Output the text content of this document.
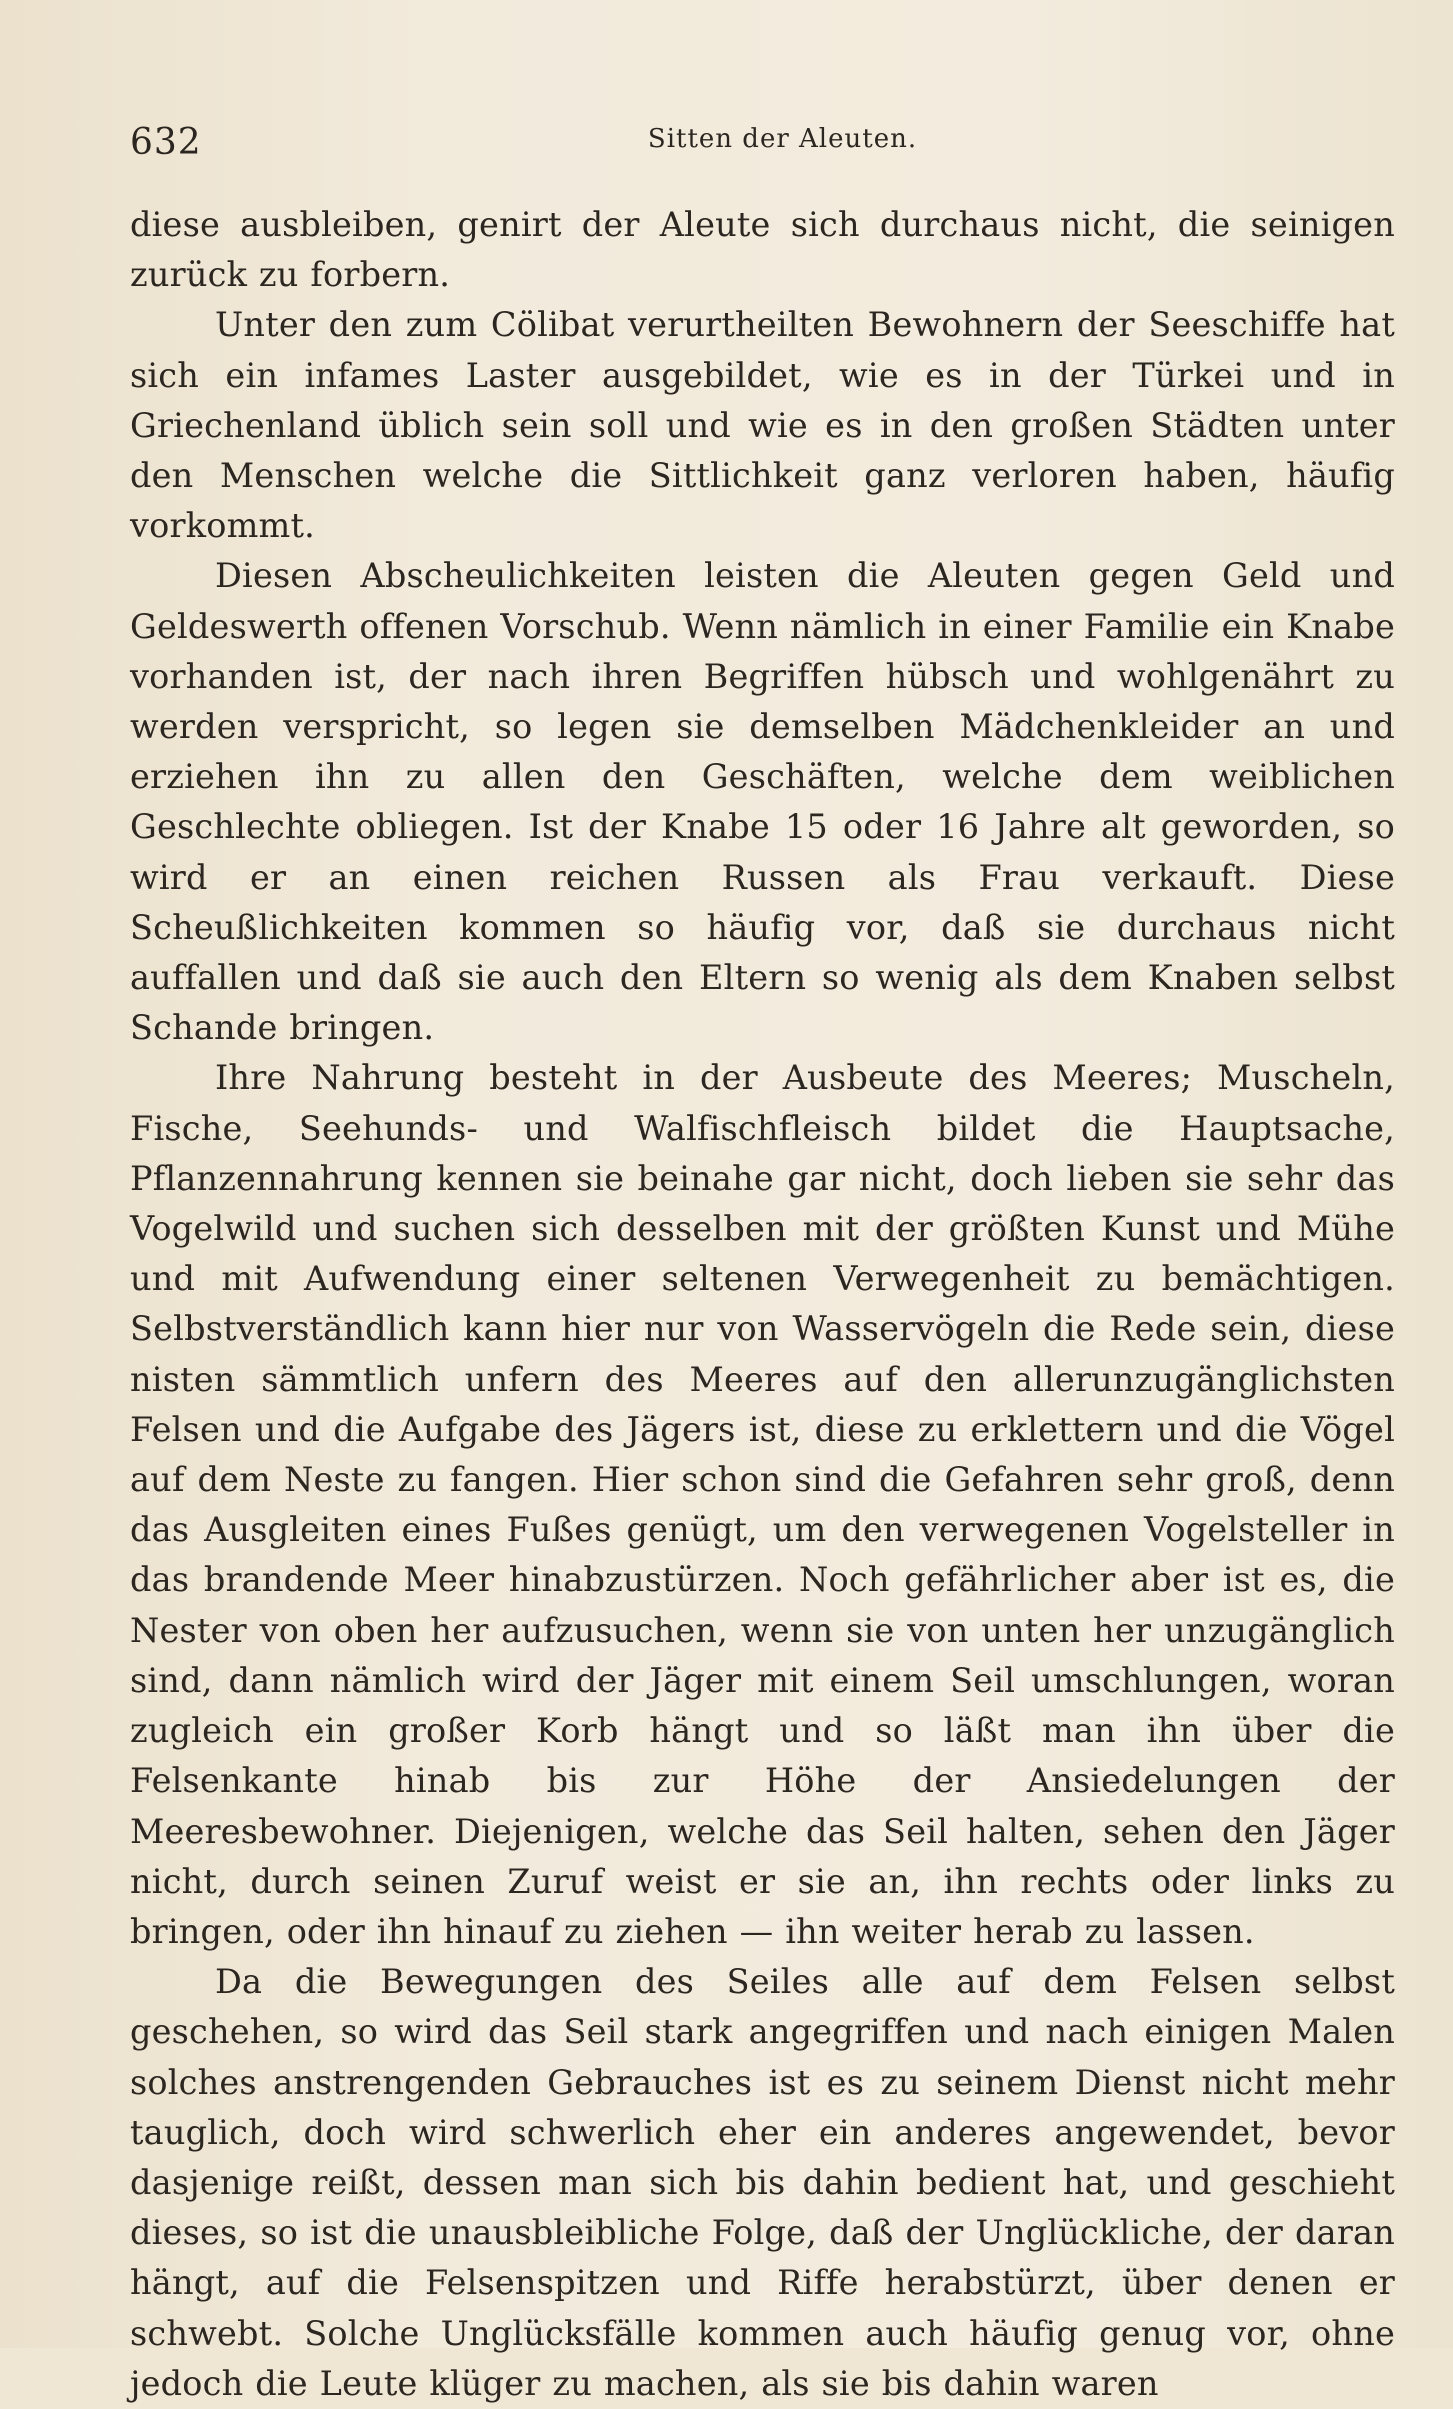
632	Sitten der Aleuten.

diese ausbleiben, genirt der Aleute sich durchaus nicht, die seinigen zurück zu forbern.

Unter den zum Cölibat verurtheilten Bewohnern der Seeschiffe hat sich ein infames Laster ausgebildet, wie es in der Türkei und in Griechenland üblich sein soll und wie es in den großen Städten unter den Menschen welche die Sittlichkeit ganz verloren haben, häufig vorkommt.

Diesen Abscheulichkeiten leisten die Aleuten gegen Geld und Geldeswerth offenen Vorschub. Wenn nämlich in einer Familie ein Knabe vorhanden ist, der nach ihren Begriffen hübsch und wohlgenährt zu werden verspricht, so legen sie demselben Mädchenkleider an und erziehen ihn zu allen den Geschäften, welche dem weiblichen Geschlechte obliegen. Ist der Knabe 15 oder 16 Jahre alt geworden, so wird er an einen reichen Russen als Frau verkauft. Diese Scheußlichkeiten kommen so häufig vor, daß sie durchaus nicht auffallen und daß sie auch den Eltern so wenig als dem Knaben selbst Schande bringen.

Ihre Nahrung besteht in der Ausbeute des Meeres; Muscheln, Fische, Seehunds- und Walfischfleisch bildet die Hauptsache, Pflanzennahrung kennen sie beinahe gar nicht, doch lieben sie sehr das Vogelwild und suchen sich desselben mit der größten Kunst und Mühe und mit Aufwendung einer seltenen Verwegenheit zu bemächtigen. Selbstverständlich kann hier nur von Wasservögeln die Rede sein, diese nisten sämmtlich unfern des Meeres auf den allerunzugänglichsten Felsen und die Aufgabe des Jägers ist, diese zu erklettern und die Vögel auf dem Neste zu fangen. Hier schon sind die Gefahren sehr groß, denn das Ausgleiten eines Fußes genügt, um den verwegenen Vogelsteller in das brandende Meer hinabzustürzen. Noch gefährlicher aber ist es, die Nester von oben her aufzusuchen, wenn sie von unten her unzugänglich sind, dann nämlich wird der Jäger mit einem Seil umschlungen, woran zugleich ein großer Korb hängt und so läßt man ihn über die Felsenkante hinab bis zur Höhe der Ansiedelungen der Meeresbewohner. Diejenigen, welche das Seil halten, sehen den Jäger nicht, durch seinen Zuruf weist er sie an, ihn rechts oder links zu bringen, oder ihn hinauf zu ziehen — ihn weiter herab zu lassen.

Da die Bewegungen des Seiles alle auf dem Felsen selbst geschehen, so wird das Seil stark angegriffen und nach einigen Malen solches anstrengenden Gebrauches ist es zu seinem Dienst nicht mehr tauglich, doch wird schwerlich eher ein anderes angewendet, bevor dasjenige reißt, dessen man sich bis dahin bedient hat, und geschieht dieses, so ist die unausbleibliche Folge, daß der Unglückliche, der daran hängt, auf die Felsenspitzen und Riffe herabstürzt, über denen er schwebt. Solche Unglücksfälle kommen auch häufig genug vor, ohne jedoch die Leute klüger zu machen, als sie bis dahin waren
